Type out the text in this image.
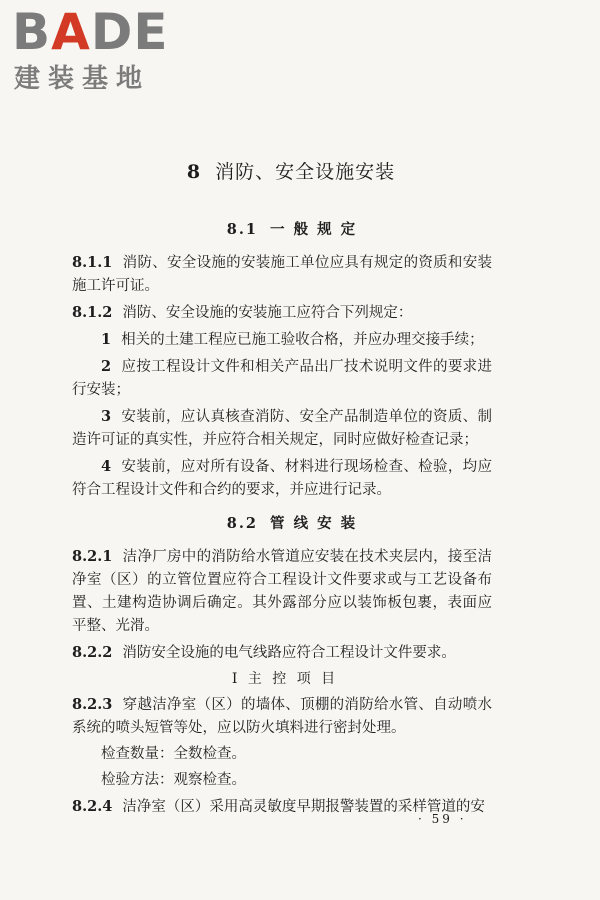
BADE
建装基地
8 消防、安全设施安装
8.1 一 般 规 定

8.1.1 消防、安全设施的安装施工单位应具有规定的资质和安装施工许可证。

8.1.2 消防、安全设施的安装施工应符合下列规定：

1 相关的土建工程应已施工验收合格，并应办理交接手续；

2 应按工程设计文件和相关产品出厂技术说明文件的要求进行安装；

3 安装前，应认真核查消防、安全产品制造单位的资质、制造许可证的真实性，并应符合相关规定，同时应做好检查记录；

4 安装前，应对所有设备、材料进行现场检查、检验，均应符合工程设计文件和合约的要求，并应进行记录。

8.2 管 线 安 装

8.2.1 洁净厂房中的消防给水管道应安装在技术夹层内，接至洁净室（区）的立管位置应符合工程设计文件要求或与工艺设备布置、土建构造协调后确定。其外露部分应以装饰板包裹，表面应平整、光滑。

8.2.2 消防安全设施的电气线路应符合工程设计文件要求。

Ⅰ 主 控 项 目

8.2.3 穿越洁净室（区）的墙体、顶棚的消防给水管、自动喷水系统的喷头短管等处，应以防火填料进行密封处理。

检查数量：全数检查。

检验方法：观察检查。

8.2.4 洁净室（区）采用高灵敏度早期报警装置的采样管道的安

· 59 ·
